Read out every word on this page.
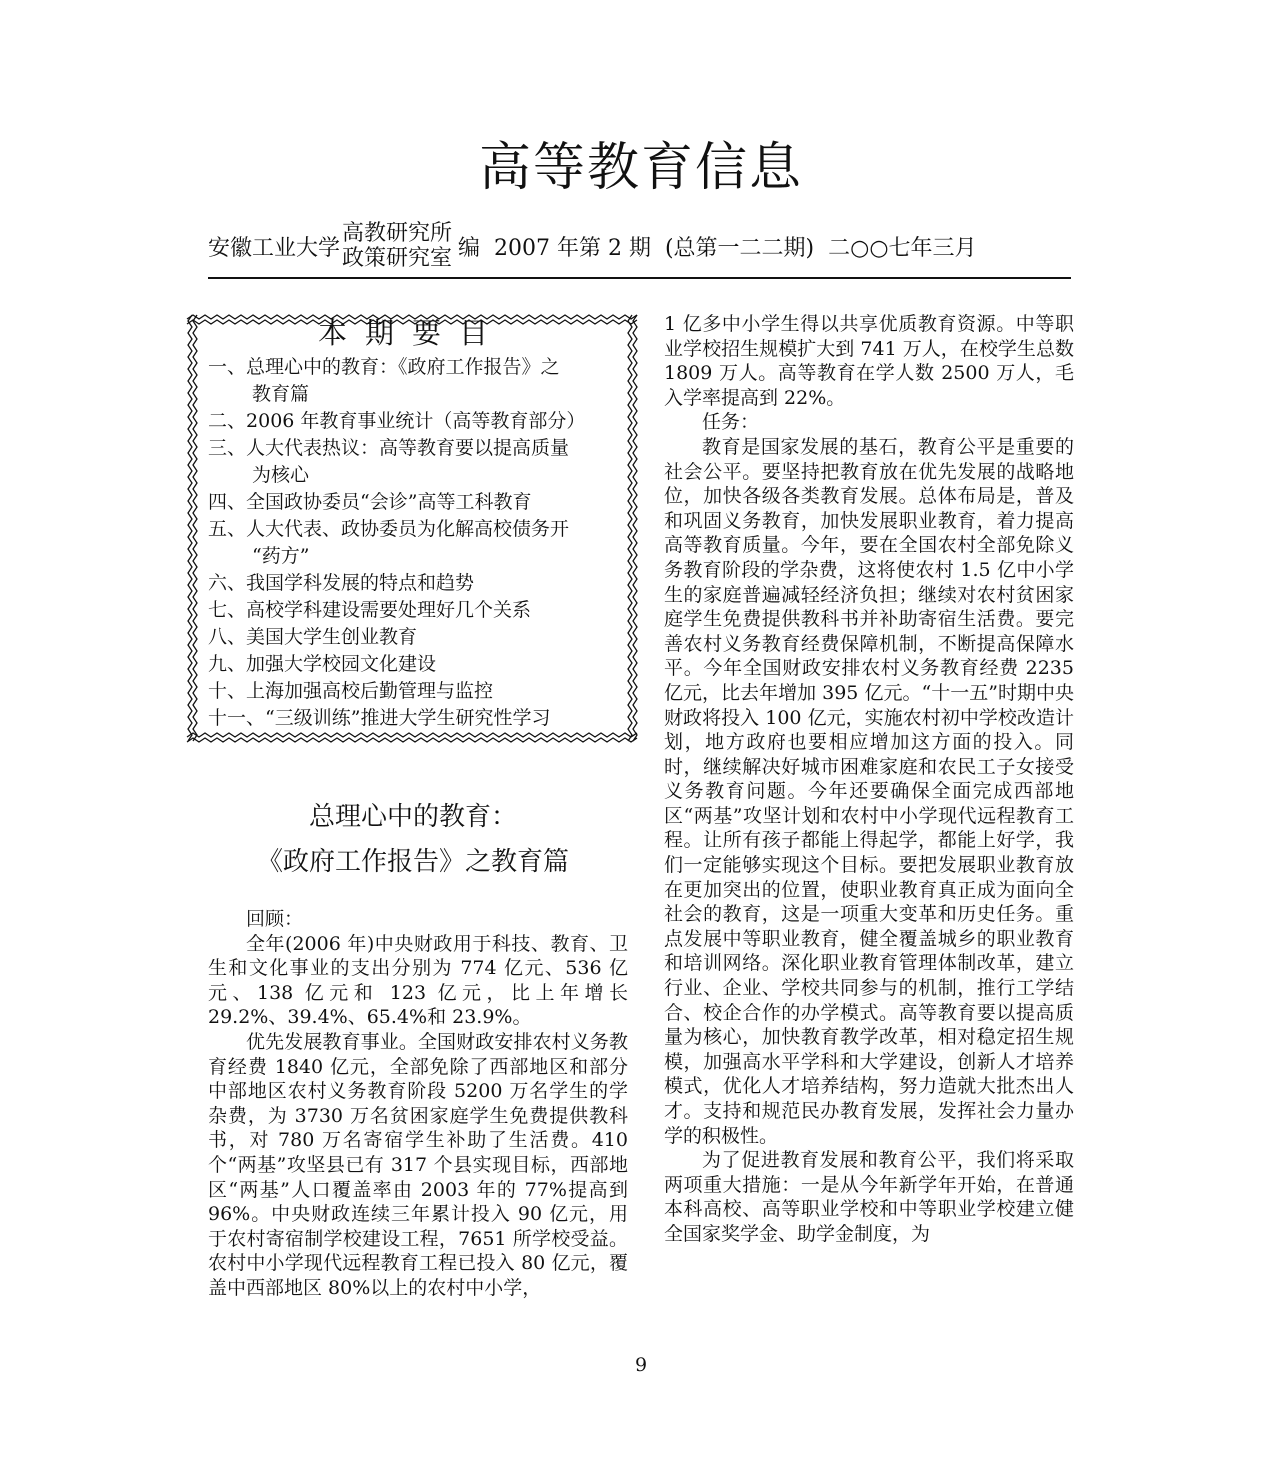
高等教育信息
安徽工业大学
高教研究所
政策研究室 编  2007 年第 2 期  (总第一二二期)  二○○七年三月
本期要目
一、 总理心中的教育：《政府工作报告》之
教育篇
二、 2006 年教育事业统计（高等教育部分）
三、 人大代表热议：高等教育要以提高质量
为核心
四、 全国政协委员“会诊”高等工科教育
五、 人大代表、政协委员为化解高校债务开
“药方”
六、 我国学科发展的特点和趋势
七、 高校学科建设需要处理好几个关系
八、 美国大学生创业教育
九、 加强大学校园文化建设
十、 上海加强高校后勤管理与监控
十一、 “三级训练”推进大学生研究性学习
总理心中的教育：
《政府工作报告》之教育篇

回顾：

全年(2006 年)中央财政用于科技、教育、卫生和文化事业的支出分别为 774 亿元、536 亿元、138 亿元和 123 亿元，比上年增长 29.2%、39.4%、65.4%和 23.9%。

优先发展教育事业。全国财政安排农村义务教育经费 1840 亿元，全部免除了西部地区和部分中部地区农村义务教育阶段 5200 万名学生的学杂费，为 3730 万名贫困家庭学生免费提供教科书，对 780 万名寄宿学生补助了生活费。410 个“两基”攻坚县已有 317 个县实现目标，西部地区“两基”人口覆盖率由 2003 年的 77%提高到 96%。中央财政连续三年累计投入 90 亿元，用于农村寄宿制学校建设工程，7651 所学校受益。农村中小学现代远程教育工程已投入 80 亿元，覆盖中西部地区 80%以上的农村中小学，

1 亿多中小学生得以共享优质教育资源。中等职业学校招生规模扩大到 741 万人，在校学生总数 1809 万人。高等教育在学人数 2500 万人，毛入学率提高到 22%。

任务：

教育是国家发展的基石，教育公平是重要的社会公平。要坚持把教育放在优先发展的战略地位，加快各级各类教育发展。总体布局是，普及和巩固义务教育，加快发展职业教育，着力提高高等教育质量。今年，要在全国农村全部免除义务教育阶段的学杂费，这将使农村 1.5 亿中小学生的家庭普遍减轻经济负担；继续对农村贫困家庭学生免费提供教科书并补助寄宿生活费。要完善农村义务教育经费保障机制，不断提高保障水平。今年全国财政安排农村义务教育经费 2235 亿元，比去年增加 395 亿元。“十一五”时期中央财政将投入 100 亿元，实施农村初中学校改造计划，地方政府也要相应增加这方面的投入。同时，继续解决好城市困难家庭和农民工子女接受义务教育问题。今年还要确保全面完成西部地区“两基”攻坚计划和农村中小学现代远程教育工程。让所有孩子都能上得起学，都能上好学，我们一定能够实现这个目标。要把发展职业教育放在更加突出的位置，使职业教育真正成为面向全社会的教育，这是一项重大变革和历史任务。重点发展中等职业教育，健全覆盖城乡的职业教育和培训网络。深化职业教育管理体制改革，建立行业、企业、学校共同参与的机制，推行工学结合、校企合作的办学模式。高等教育要以提高质量为核心，加快教育教学改革，相对稳定招生规模，加强高水平学科和大学建设，创新人才培养模式，优化人才培养结构，努力造就大批杰出人才。支持和规范民办教育发展，发挥社会力量办学的积极性。

为了促进教育发展和教育公平，我们将采取两项重大措施：一是从今年新学年开始，在普通本科高校、高等职业学校和中等职业学校建立健全国家奖学金、助学金制度，为

9
